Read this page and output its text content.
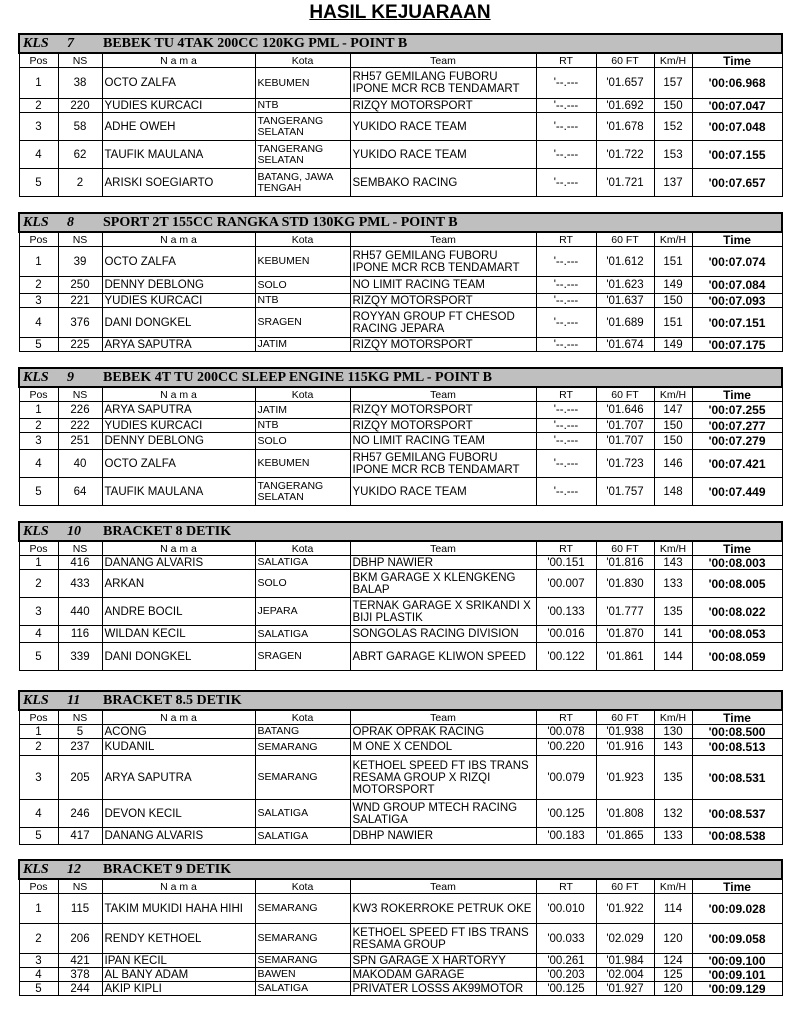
HASIL KEJUARAAN
KLS 7 BEBEK TU 4TAK 200CC 120KG PML - POINT B								
Pos	NS	N a m a	Kota	Team	RT	60 FT	Km/H	Time
1	38	OCTO ZALFA	KEBUMEN	RH57 GEMILANG FUBORU IPONE MCR RCB TENDAMART	'--.---	'01.657	157	'00:06.968
2	220	YUDIES KURCACI	NTB	RIZQY MOTORSPORT	'--.---	'01.692	150	'00:07.047
3	58	ADHE OWEH	TANGERANG SELATAN	YUKIDO RACE TEAM	'--.---	'01.678	152	'00:07.048
4	62	TAUFIK MAULANA	TANGERANG SELATAN	YUKIDO RACE TEAM	'--.---	'01.722	153	'00:07.155
5	2	ARISKI SOEGIARTO	BATANG, JAWA TENGAH	SEMBAKO RACING	'--.---	'01.721	137	'00:07.657
KLS 8 SPORT 2T 155CC RANGKA STD 130KG PML - POINT B								
Pos	NS	N a m a	Kota	Team	RT	60 FT	Km/H	Time
1	39	OCTO ZALFA	KEBUMEN	RH57 GEMILANG FUBORU IPONE MCR RCB TENDAMART	'--.---	'01.612	151	'00:07.074
2	250	DENNY DEBLONG	SOLO	NO LIMIT RACING TEAM	'--.---	'01.623	149	'00:07.084
3	221	YUDIES KURCACI	NTB	RIZQY MOTORSPORT	'--.---	'01.637	150	'00:07.093
4	376	DANI DONGKEL	SRAGEN	ROYYAN GROUP FT CHESOD RACING JEPARA	'--.---	'01.689	151	'00:07.151
5	225	ARYA SAPUTRA	JATIM	RIZQY MOTORSPORT	'--.---	'01.674	149	'00:07.175
KLS 9 BEBEK 4T TU 200CC SLEEP ENGINE 115KG PML - POINT B								
Pos	NS	N a m a	Kota	Team	RT	60 FT	Km/H	Time
1	226	ARYA SAPUTRA	JATIM	RIZQY MOTORSPORT	'--.---	'01.646	147	'00:07.255
2	222	YUDIES KURCACI	NTB	RIZQY MOTORSPORT	'--.---	'01.707	150	'00:07.277
3	251	DENNY DEBLONG	SOLO	NO LIMIT RACING TEAM	'--.---	'01.707	150	'00:07.279
4	40	OCTO ZALFA	KEBUMEN	RH57 GEMILANG FUBORU IPONE MCR RCB TENDAMART	'--.---	'01.723	146	'00:07.421
5	64	TAUFIK MAULANA	TANGERANG SELATAN	YUKIDO RACE TEAM	'--.---	'01.757	148	'00:07.449
KLS 10 BRACKET 8 DETIK								
Pos	NS	N a m a	Kota	Team	RT	60 FT	Km/H	Time
1	416	DANANG ALVARIS	SALATIGA	DBHP NAWIER	'00.151	'01.816	143	'00:08.003
2	433	ARKAN	SOLO	BKM GARAGE X KLENGKENG BALAP	'00.007	'01.830	133	'00:08.005
3	440	ANDRE BOCIL	JEPARA	TERNAK GARAGE X SRIKANDI X BIJI PLASTIK	'00.133	'01.777	135	'00:08.022
4	116	WILDAN KECIL	SALATIGA	SONGOLAS RACING DIVISION	'00.016	'01.870	141	'00:08.053
5	339	DANI DONGKEL	SRAGEN	ABRT GARAGE KLIWON SPEED	'00.122	'01.861	144	'00:08.059
KLS 11 BRACKET 8.5 DETIK								
Pos	NS	N a m a	Kota	Team	RT	60 FT	Km/H	Time
1	5	ACONG	BATANG	OPRAK OPRAK RACING	'00.078	'01.938	130	'00:08.500
2	237	KUDANIL	SEMARANG	M ONE X CENDOL	'00.220	'01.916	143	'00:08.513
3	205	ARYA SAPUTRA	SEMARANG	KETHOEL SPEED FT IBS TRANS RESAMA GROUP X RIZQI MOTORSPORT	'00.079	'01.923	135	'00:08.531
4	246	DEVON KECIL	SALATIGA	WND GROUP MTECH RACING SALATIGA	'00.125	'01.808	132	'00:08.537
5	417	DANANG ALVARIS	SALATIGA	DBHP NAWIER	'00.183	'01.865	133	'00:08.538
KLS 12 BRACKET 9 DETIK								
Pos	NS	N a m a	Kota	Team	RT	60 FT	Km/H	Time
1	115	TAKIM MUKIDI HAHA HIHI	SEMARANG	KW3 ROKERROKE PETRUK OKE	'00.010	'01.922	114	'00:09.028
2	206	RENDY KETHOEL	SEMARANG	KETHOEL SPEED FT IBS TRANS RESAMA GROUP	'00.033	'02.029	120	'00:09.058
3	421	IPAN KECIL	SEMARANG	SPN GARAGE X HARTORYY	'00.261	'01.984	124	'00:09.100
4	378	AL BANY ADAM	BAWEN	MAKODAM GARAGE	'00.203	'02.004	125	'00:09.101
5	244	AKIP KIPLI	SALATIGA	PRIVATER LOSSS AK99MOTOR	'00.125	'01.927	120	'00:09.129
